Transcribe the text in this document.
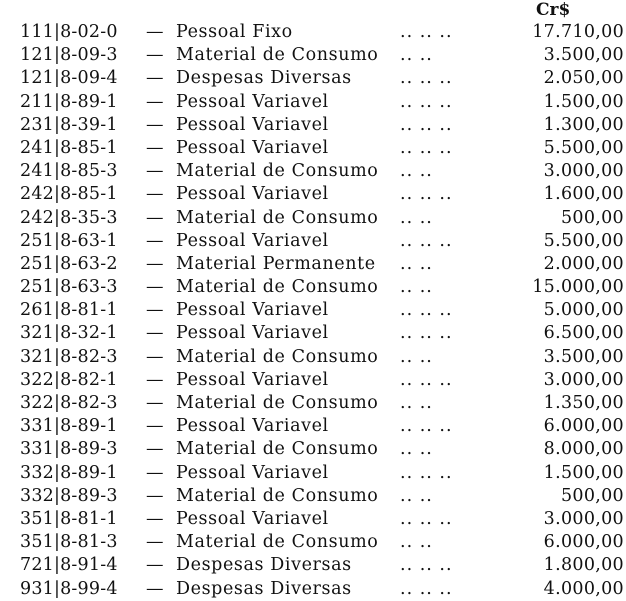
Cr$
111|8-02-0 — Pessoal Fixo	.. .. ..	17.710,00
121|8-09-3 — Material de Consumo .. ..	3.500,00
121|8-09-4 — Despesas Diversas	.. .. ..	2.050,00
211|8-89-1 — Pessoal Variavel	.. .. ..	1.500,00
231|8-39-1 — Pessoal Variavel	.. .. ..	1.300,00
241|8-85-1 — Pessoal Variavel	.. .. ..	5.500,00
241|8-85-3 — Material de Consumo .. ..	3.000,00
242|8-85-1 — Pessoal Variavel	.. .. ..	1.600,00
242|8-35-3 — Material de Consumo .. ..	500,00
251|8-63-1 — Pessoal Variavel	.. .. ..	5.500,00
251|8-63-2 — Material Permanente .. ..	2.000,00
251|8-63-3 — Material de Consumo .. ..	15.000,00
261|8-81-1 — Pessoal Variavel	.. .. ..	5.000,00
321|8-32-1 — Pessoal Variavel	.. .. ..	6.500,00
321|8-82-3 — Material de Consumo .. ..	3.500,00
322|8-82-1 — Pessoal Variavel	.. .. ..	3.000,00
322|8-82-3 — Material de Consumo .. ..	1.350,00
331|8-89-1 — Pessoal Variavel	.. .. ..	6.000,00
331|8-89-3 — Material de Consumo .. ..	8.000,00
332|8-89-1 — Pessoal Variavel	.. .. ..	1.500,00
332|8-89-3 — Material de Consumo .. ..	500,00
351|8-81-1 — Pessoal Variavel	.. .. ..	3.000,00
351|8-81-3 — Material de Consumo .. ..	6.000,00
721|8-91-4 — Despesas Diversas	.. .. ..	1.800,00
931|8-99-4 — Despesas Diversas	.. .. ..	4.000,00
